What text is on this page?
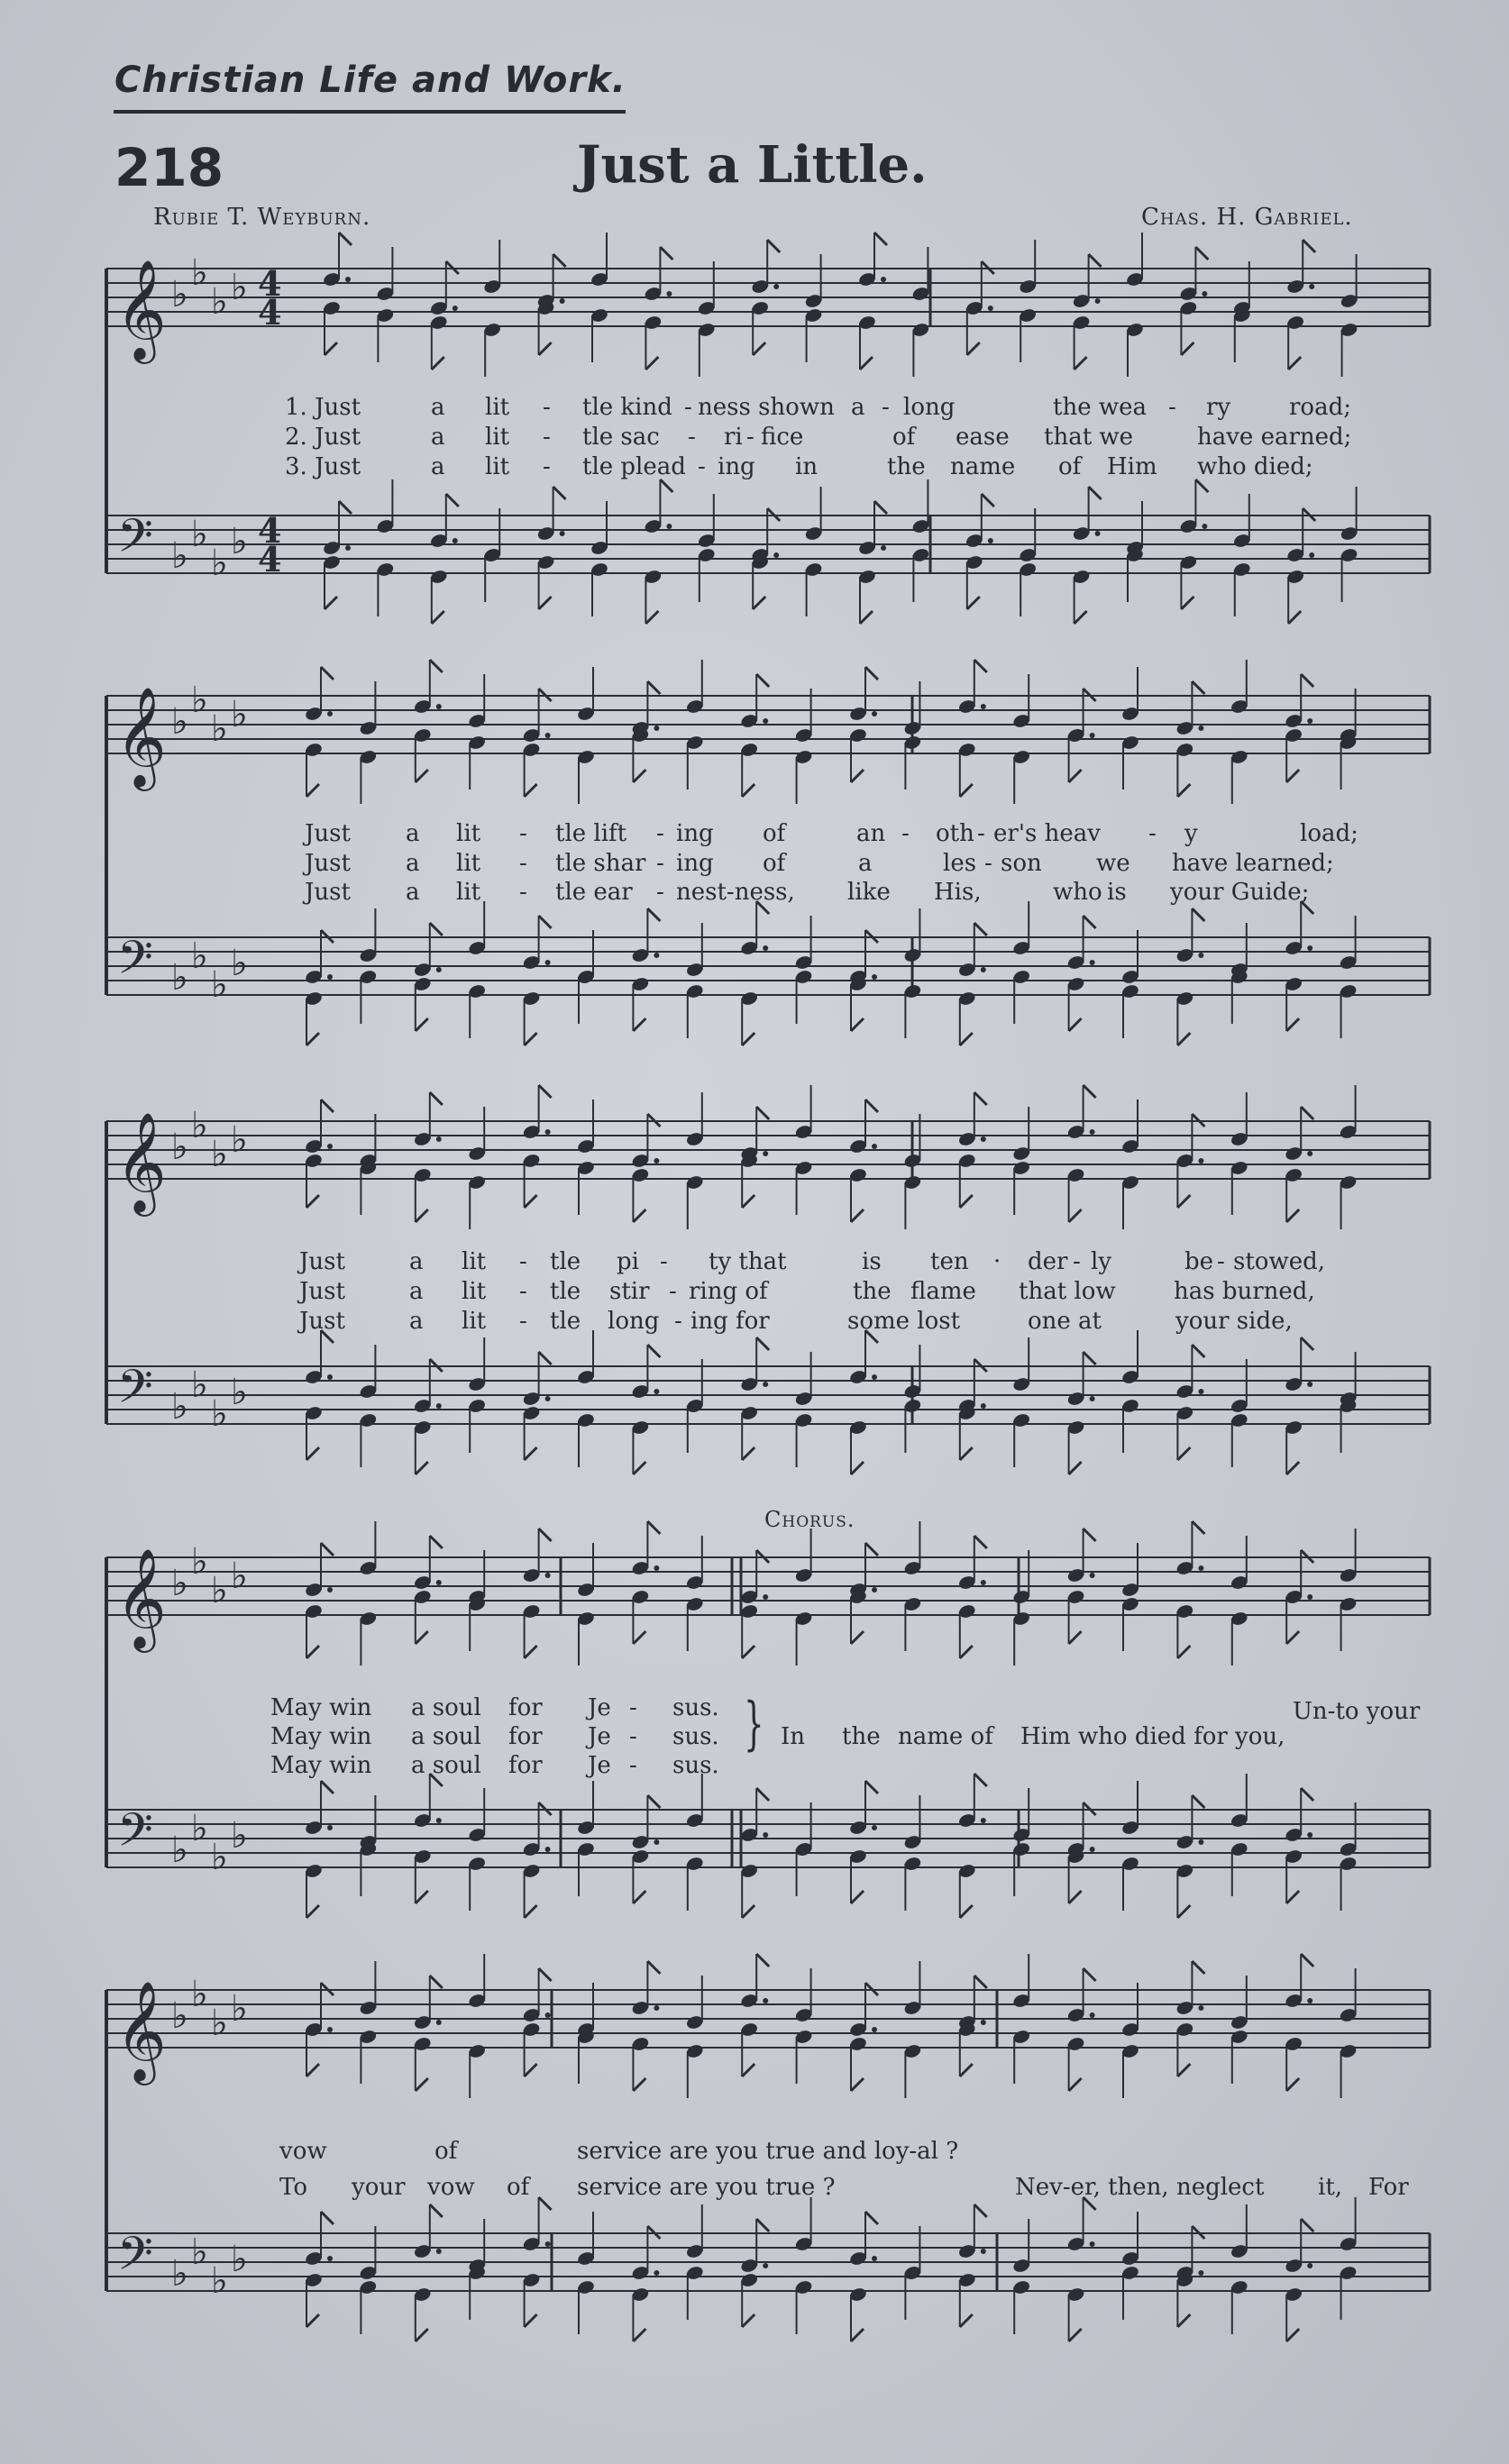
Christian Life and Work.
218	Just a Little.
Rubie T. Weyburn.	Chas. H. Gabriel.
𝄞 ♭
♭
♭ ♭ 4
4
𝄢 ♭
♭
♭
♭ 4
4
𝄞 ♭
♭
♭ ♭
𝄢 ♭
♭
♭
♭
𝄞 ♭
♭
♭ ♭
𝄢 ♭
♭
♭
♭
𝄞 ♭
♭
♭ ♭
𝄢 ♭
♭
♭
♭
𝄞 ♭
♭
♭ ♭
𝄢 ♭
♭
♭
♭
Chorus.
1. Just	a lit - tle kind - ness shown a - long	the wea - ry road;
2. Just	a lit - tle sac - ri - fice	of ease that we	have earned;
3. Just	a lit - tle plead - ing in	the name of Him who died;
Just a lit - tle lift - ing of	an - oth - er's heav - y	load;
Just a lit - tle shar - ing of	a	les - son we have learned;
Just a lit - tle ear - nest-ness, like His,	who is your Guide;
Just	a lit - tle pi - ty that	is ten · der - ly	be - stowed,
Just	a lit - tle stir - ring of	the flame that low has burned,
Just	a lit - tle long - ing for	some lost	one at	your side,
May win a soul for Je - sus.
May win a soul for Je - sus.
May win a soul for Je - sus.
} In the name of Him who died for you,
Un-to your
vow	of	service are you true and loy-al ?
To your vow of service are you true ?	Nev-er, then, neglect it, For
